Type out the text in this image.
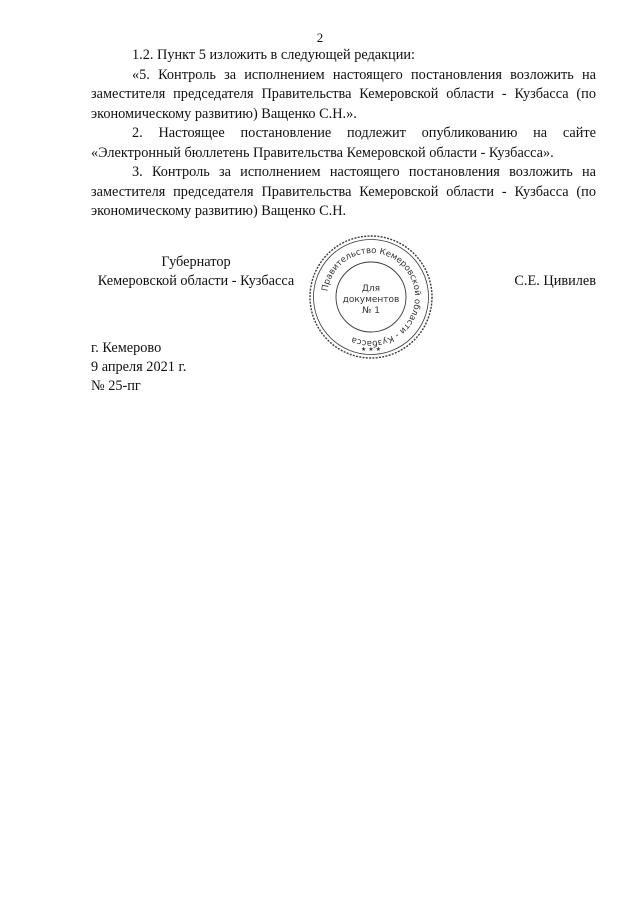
2

1.2. Пункт 5 изложить в следующей редакции:

«5. Контроль за исполнением настоящего постановления возложить на заместителя председателя Правительства Кемеровской области - Кузбасса (по экономическому развитию) Ващенко С.Н.».

2. Настоящее постановление подлежит опубликованию на сайте «Электронный бюллетень Правительства Кемеровской области - Кузбасса».

3. Контроль за исполнением настоящего постановления возложить на заместителя председателя Правительства Кемеровской области - Кузбасса (по экономическому развитию) Ващенко С.Н.

Губернатор
Кемеровской области - Кузбасса	Правительство Кемеровской области - Кузбасса
Для
документов
№ 1
★ ★ ★
С.Е. Цивилев
г. Кемерово
9 апреля 2021 г.
№ 25-пг
